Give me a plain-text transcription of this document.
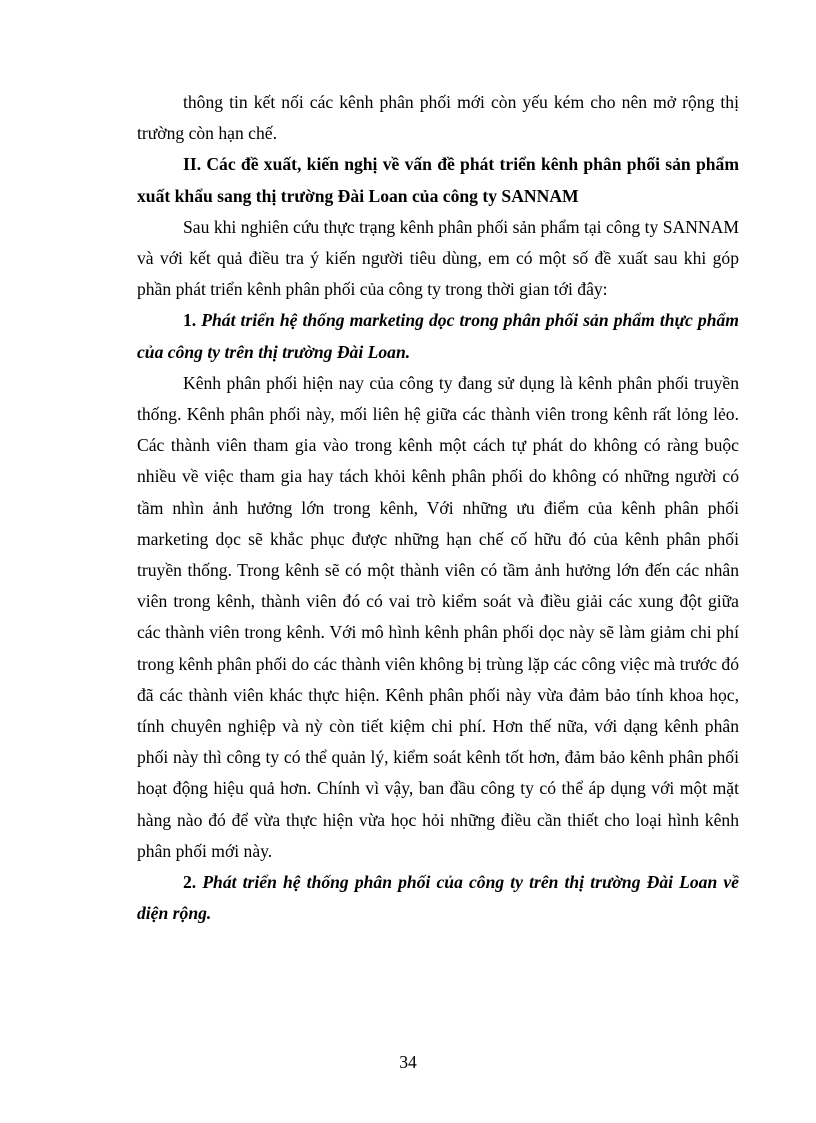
thông tin kết nối các kênh phân phối mới còn yếu kém cho nên mở rộng thị trường còn hạn chế.

II. Các đề xuất, kiến nghị về vấn đề phát triển kênh phân phối sản phẩm xuất khẩu sang thị trường Đài Loan của công ty SANNAM

Sau khi nghiên cứu thực trạng kênh phân phối sản phẩm tại công ty SANNAM và với kết quả điều tra ý kiến người tiêu dùng, em có một số đề xuất sau khi góp phần phát triển kênh phân phối của công ty trong thời gian tới đây:

1. Phát triển hệ thống marketing dọc trong phân phối sản phẩm thực phẩm của công ty trên thị trường Đài Loan.

Kênh phân phối hiện nay của công ty đang sử dụng là kênh phân phối truyền thống. Kênh phân phối này, mối liên hệ giữa các thành viên trong kênh rất lỏng lẻo. Các thành viên tham gia vào trong kênh một cách tự phát do không có ràng buộc nhiều về việc tham gia hay tách khỏi kênh phân phối do không có những người có tầm nhìn ảnh hưởng lớn trong kênh, Với những ưu điểm của kênh phân phối marketing dọc sẽ khắc phục được những hạn chế cố hữu đó của kênh phân phối truyền thống. Trong kênh sẽ có một thành viên có tầm ảnh hưởng lớn đến các nhân viên trong kênh, thành viên đó có vai trò kiểm soát và điều giải các xung đột giữa các thành viên trong kênh. Với mô hình kênh phân phối dọc này sẽ làm giảm chi phí trong kênh phân phối do các thành viên không bị trùng lặp các công việc mà trước đó đã các thành viên khác thực hiện. Kênh phân phối này vừa đảm bảo tính khoa học, tính chuyên nghiệp và nỳ còn tiết kiệm chi phí. Hơn thế nữa, với dạng kênh phân phối này thì công ty có thể quản lý, kiểm soát kênh tốt hơn, đảm bảo kênh phân phối hoạt động hiệu quả hơn. Chính vì vậy, ban đầu công ty có thể áp dụng với một mặt hàng nào đó để vừa thực hiện vừa học hỏi những điều cần thiết cho loại hình kênh phân phối mới này.

2. Phát triển hệ thống phân phối của công ty trên thị trường Đài Loan về diện rộng.

34
